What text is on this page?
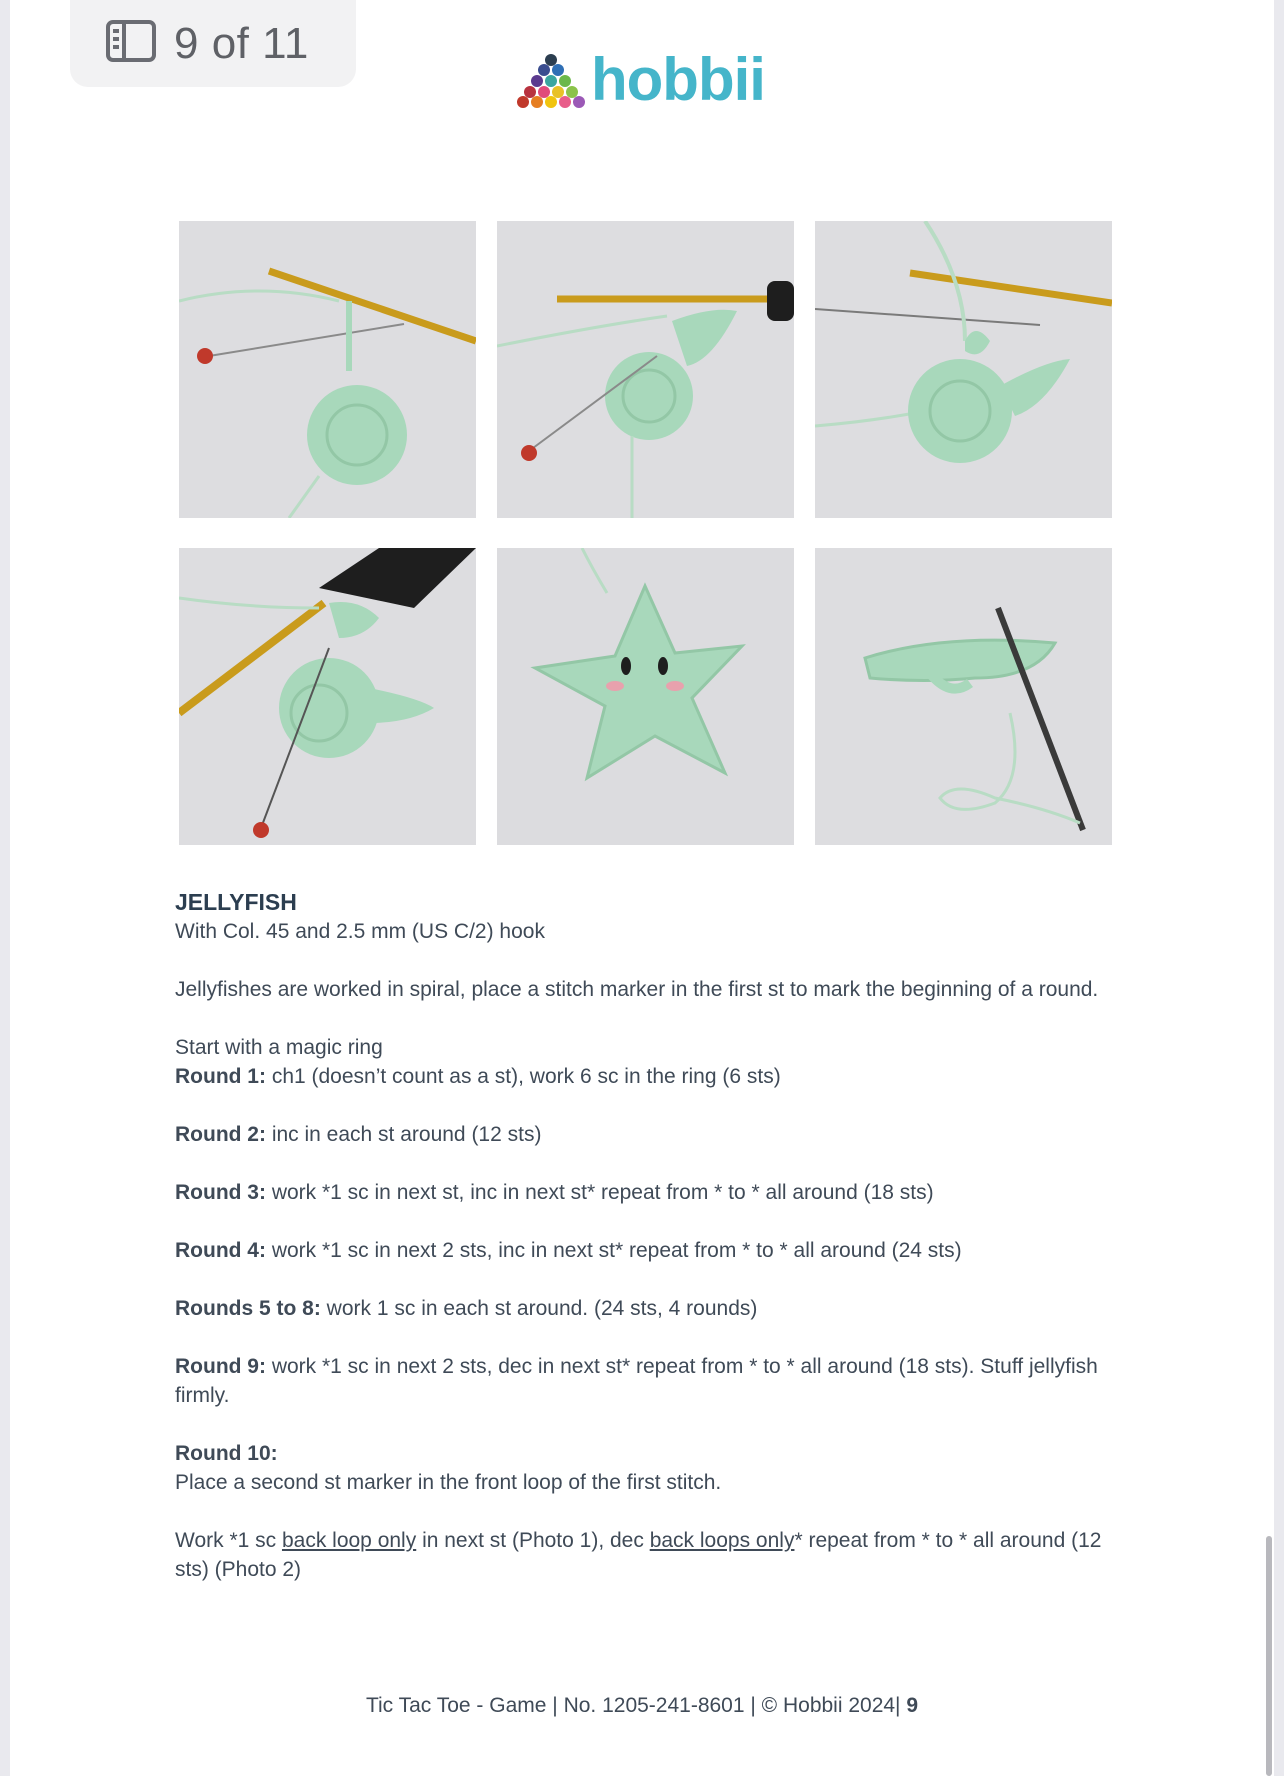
9 of 11
hobbii

JELLYFISH

With Col. 45 and 2.5 mm (US C/2) hook

Jellyfishes are worked in spiral, place a stitch marker in the first st to mark the beginning of a round.

Start with a magic ring

Round 1: ch1 (doesn’t count as a st), work 6 sc in the ring (6 sts)

Round 2: inc in each st around (12 sts)

Round 3: work *1 sc in next st, inc in next st* repeat from * to * all around (18 sts)

Round 4: work *1 sc in next 2 sts, inc in next st* repeat from * to * all around (24 sts)

Rounds 5 to 8: work 1 sc in each st around. (24 sts, 4 rounds)

Round 9: work *1 sc in next 2 sts, dec in next st* repeat from * to * all around (18 sts). Stuff jellyfish firmly.

Round 10:

Place a second st marker in the front loop of the first stitch.

Work *1 sc back loop only in next st (Photo 1), dec back loops only* repeat from * to * all around (12 sts) (Photo 2)

Tic Tac Toe - Game | No. 1205-241-8601 | © Hobbii 2024| 9
